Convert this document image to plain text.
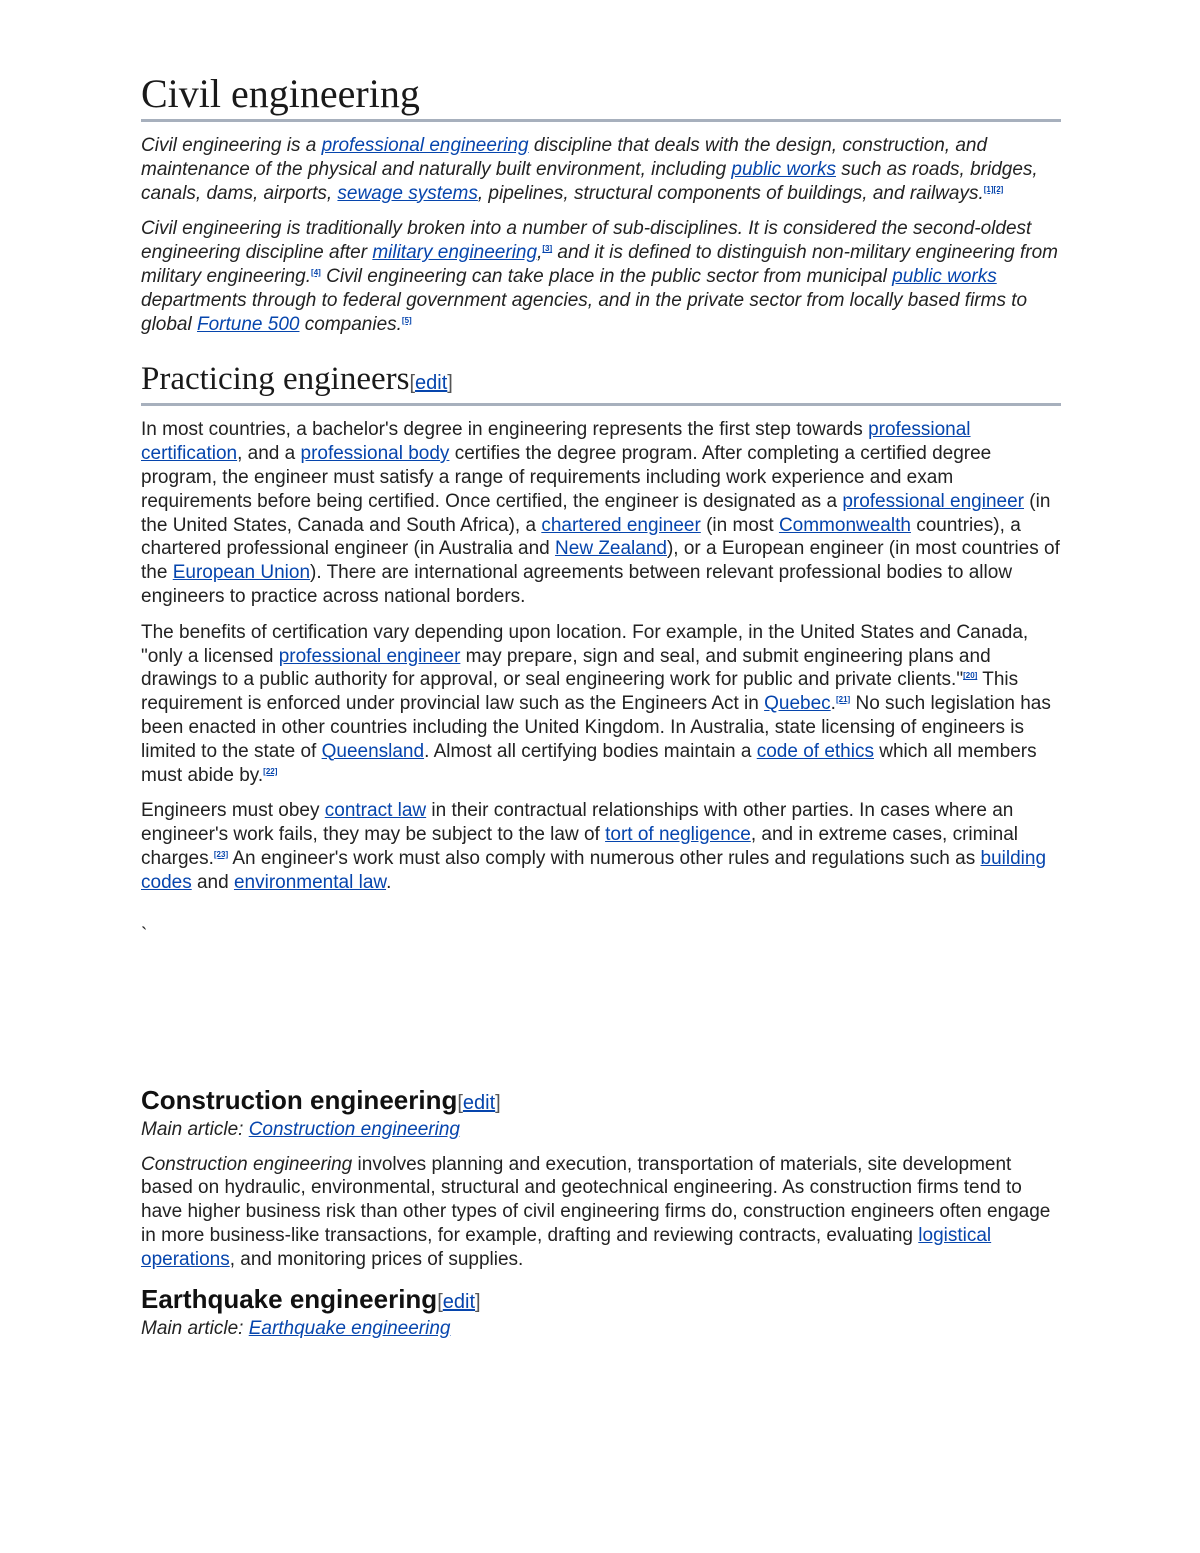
Civil engineering

Civil engineering is a professional engineering discipline that deals with the design, construction, and maintenance of the physical and naturally built environment, including public works such as roads, bridges, canals, dams, airports, sewage systems, pipelines, structural components of buildings, and railways.[1][2]

Civil engineering is traditionally broken into a number of sub-disciplines. It is considered the second-oldest engineering discipline after military engineering,[3] and it is defined to distinguish non-military engineering from military engineering.[4] Civil engineering can take place in the public sector from municipal public works departments through to federal government agencies, and in the private sector from locally based firms to global Fortune 500 companies.[5]

Practicing engineers[edit]

In most countries, a bachelor's degree in engineering represents the first step towards professional certification, and a professional body certifies the degree program. After completing a certified degree program, the engineer must satisfy a range of requirements including work experience and exam requirements before being certified. Once certified, the engineer is designated as a professional engineer (in the United States, Canada and South Africa), a chartered engineer (in most Commonwealth countries), a chartered professional engineer (in Australia and New Zealand), or a European engineer (in most countries of the European Union). There are international agreements between relevant professional bodies to allow engineers to practice across national borders.

The benefits of certification vary depending upon location. For example, in the United States and Canada, "only a licensed professional engineer may prepare, sign and seal, and submit engineering plans and drawings to a public authority for approval, or seal engineering work for public and private clients."[20] This requirement is enforced under provincial law such as the Engineers Act in Quebec.[21] No such legislation has been enacted in other countries including the United Kingdom. In Australia, state licensing of engineers is limited to the state of Queensland. Almost all certifying bodies maintain a code of ethics which all members must abide by.[22]

Engineers must obey contract law in their contractual relationships with other parties. In cases where an engineer's work fails, they may be subject to the law of tort of negligence, and in extreme cases, criminal charges.[23] An engineer's work must also comply with numerous other rules and regulations such as building codes and environmental law.

`

Construction engineering[edit]

Main article: Construction engineering

Construction engineering involves planning and execution, transportation of materials, site development based on hydraulic, environmental, structural and geotechnical engineering. As construction firms tend to have higher business risk than other types of civil engineering firms do, construction engineers often engage in more business-like transactions, for example, drafting and reviewing contracts, evaluating logistical operations, and monitoring prices of supplies.

Earthquake engineering[edit]

Main article: Earthquake engineering
